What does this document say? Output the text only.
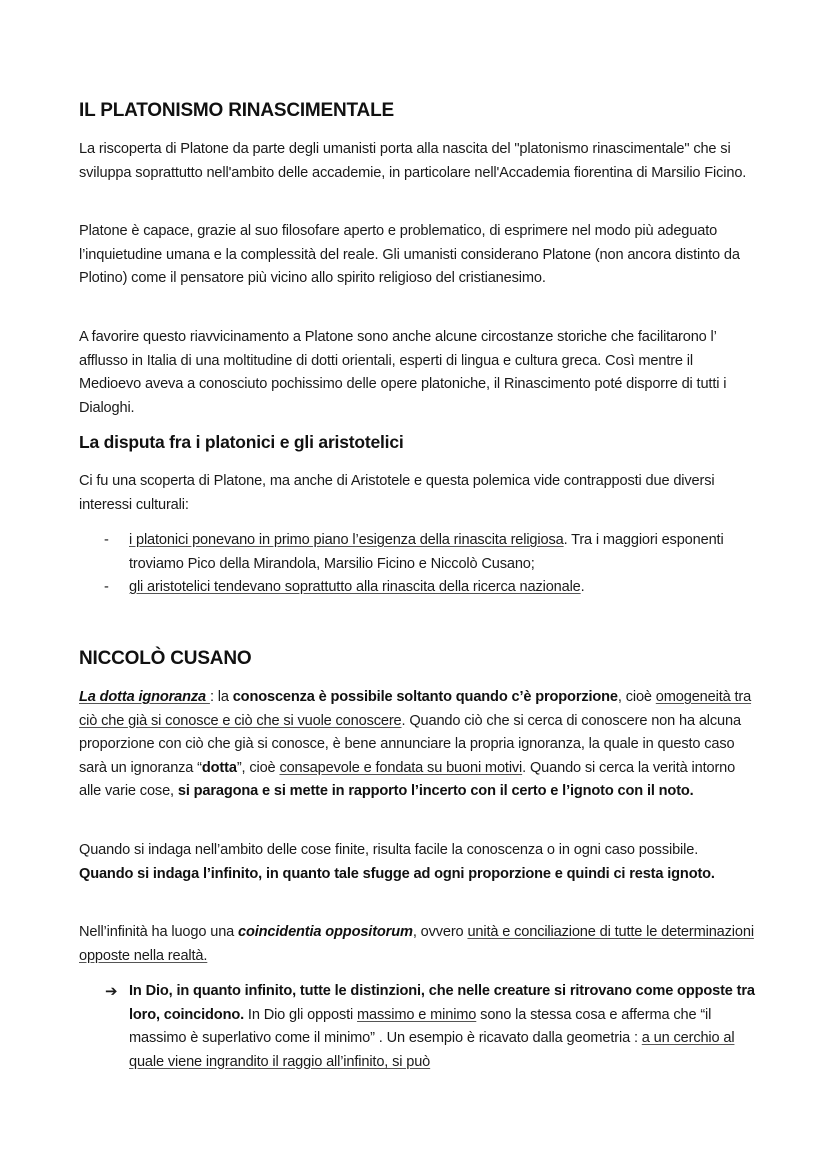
IL PLATONISMO RINASCIMENTALE

La riscoperta di Platone da parte degli umanisti porta alla nascita del "platonismo rinascimentale" che si sviluppa soprattutto nell'ambito delle accademie, in particolare nell'Accademia fiorentina di Marsilio Ficino.

Platone è capace, grazie al suo filosofare aperto e problematico, di esprimere nel modo più adeguato l’inquietudine umana e la complessità del reale. Gli umanisti considerano Platone (non ancora distinto da Plotino) come il pensatore più vicino allo spirito religioso del cristianesimo.

A favorire questo riavvicinamento a Platone sono anche alcune circostanze storiche che facilitarono l’ afflusso in Italia di una moltitudine di dotti orientali, esperti di lingua e cultura greca. Così mentre il Medioevo aveva a conosciuto pochissimo delle opere platoniche, il Rinascimento poté disporre di tutti i Dialoghi.

La disputa fra i platonici e gli aristotelici

Ci fu una scoperta di Platone, ma anche di Aristotele e questa polemica vide contrapposti due diversi interessi culturali:

- i platonici ponevano in primo piano l’esigenza della rinascita religiosa. Tra i maggiori esponenti troviamo Pico della Mirandola, Marsilio Ficino e Niccolò Cusano;
- gli aristotelici tendevano soprattutto alla rinascita della ricerca nazionale.
NICCOLÒ CUSANO

La dotta ignoranza : la conoscenza è possibile soltanto quando c’è proporzione, cioè omogeneità tra ciò che già si conosce e ciò che si vuole conoscere. Quando ciò che si cerca di conoscere non ha alcuna proporzione con ciò che già si conosce, è bene annunciare la propria ignoranza, la quale in questo caso sarà un ignoranza “dotta”, cioè consapevole e fondata su buoni motivi. Quando si cerca la verità intorno alle varie cose, si paragona e si mette in rapporto l’incerto con il certo e l’ignoto con il noto.

Quando si indaga nell’ambito delle cose finite, risulta facile la conoscenza o in ogni caso possibile. Quando si indaga l’infinito, in quanto tale sfugge ad ogni proporzione e quindi ci resta ignoto.

Nell’infinità ha luogo una coincidentia oppositorum, ovvero unità e conciliazione di tutte le determinazioni opposte nella realtà.

➔ In Dio, in quanto infinito, tutte le distinzioni, che nelle creature si ritrovano come opposte tra loro, coincidono. In Dio gli opposti massimo e minimo sono la stessa cosa e afferma che “il massimo è superlativo come il minimo” . Un esempio è ricavato dalla geometria : a un cerchio al quale viene ingrandito il raggio all’infinito, si può
